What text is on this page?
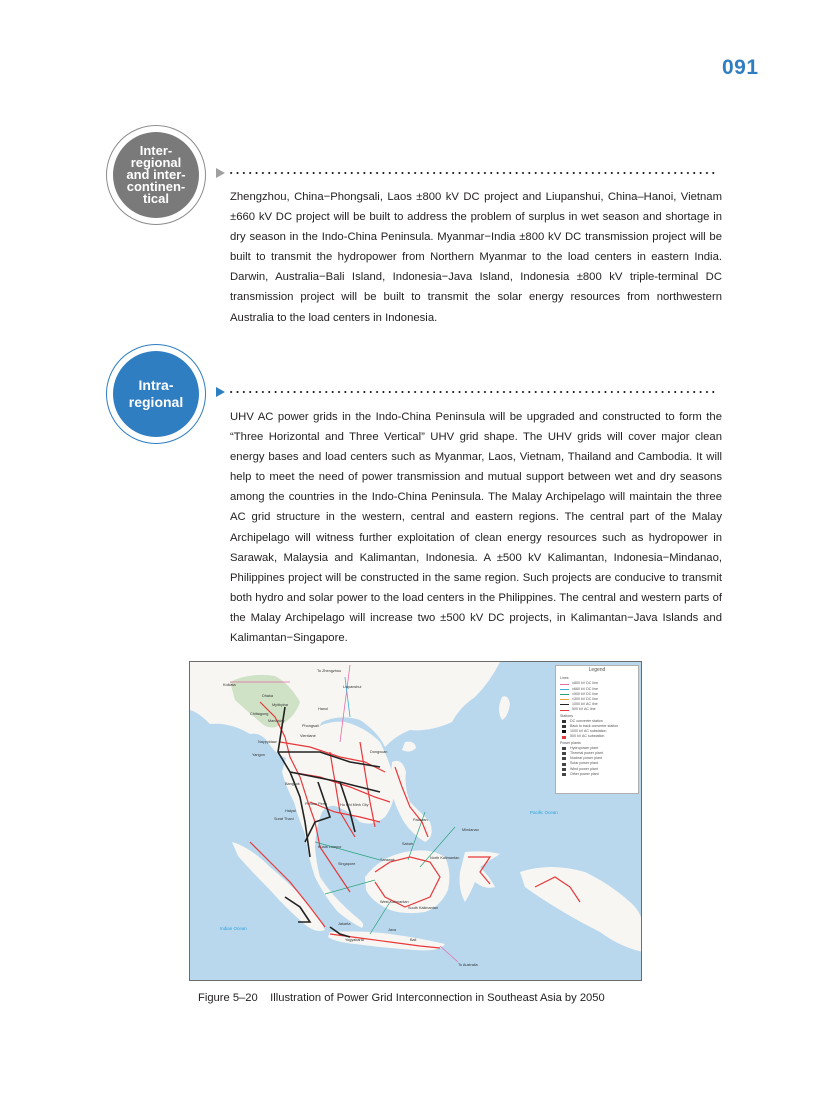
091
Inter-
regional
and inter-
continen-
tical	Zhengzhou, China−Phongsali, Laos ±800 kV DC project and Liupanshui, China–Hanoi, Vietnam ±660 kV DC project will be built to address the problem of surplus in wet season and shortage in dry season in the Indo-China Peninsula. Myanmar−India ±800 kV DC transmission project will be built to transmit the hydropower from Northern Myanmar to the load centers in eastern India. Darwin, Australia−Bali Island, Indonesia−Java Island, Indonesia ±800 kV triple-terminal DC transmission project will be built to transmit the solar energy resources from northwestern Australia to the load centers in Indonesia.
Intra-
regional
UHV AC power grids in the Indo-China Peninsula will be upgraded and constructed to form the “Three Horizontal and Three Vertical” UHV grid shape. The UHV grids will cover major clean energy bases and load centers such as Myanmar, Laos, Vietnam, Thailand and Cambodia. It will help to meet the need of power transmission and mutual support between wet and dry seasons among the countries in the Indo-China Peninsula. The Malay Archipelago will maintain the three AC grid structure in the western, central and eastern regions. The central part of the Malay Archipelago will witness further exploitation of clean energy resources such as hydropower in Sarawak, Malaysia and Kalimantan, Indonesia. A ±500 kV Kalimantan, Indonesia−Mindanao, Philippines project will be constructed in the same region. Such projects are conducive to transmit both hydro and solar power to the load centers in the Philippines. The central and western parts of the Malay Archipelago will increase two ±500 kV DC projects, in Kalimantan−Java Islands and Kalimantan−Singapore.
To Zhengzhou
Liupanshui
Kolkata
Dhaka
Myitkyina
Mandalay
Chittagong
Naypyidaw
Yangon
Hanoi
Phongsali
Vientiane
Dongxuan
Bangkok
Phnom Penh	Ho Chi Minh City
Hatyai
Surat Thani
Kuala Lumpur
Singapore
Sarawak
Sabah
Palawan
Mindanao
North Kalimantan
West Kalimantan
South Kalimantan
Jakarta
Yogyakarta
Java
Bali
To Australia
Pacific Ocean
Indian Ocean
Legend
Lines
±800 kV DC line
±660 kV DC line
±500 kV DC line
±300 kV DC line
1000 kV AC line
500 kV AC line
Stations
DC converter station
Back to back converter station
1000 kV AC substation
500 kV AC substation
Power plants
Hydropower plant
Thermal power plant
Nuclear power plant
Solar power plant
Wind power plant
Other power plant
Figure 5–20    Illustration of Power Grid Interconnection in Southeast Asia by 2050
